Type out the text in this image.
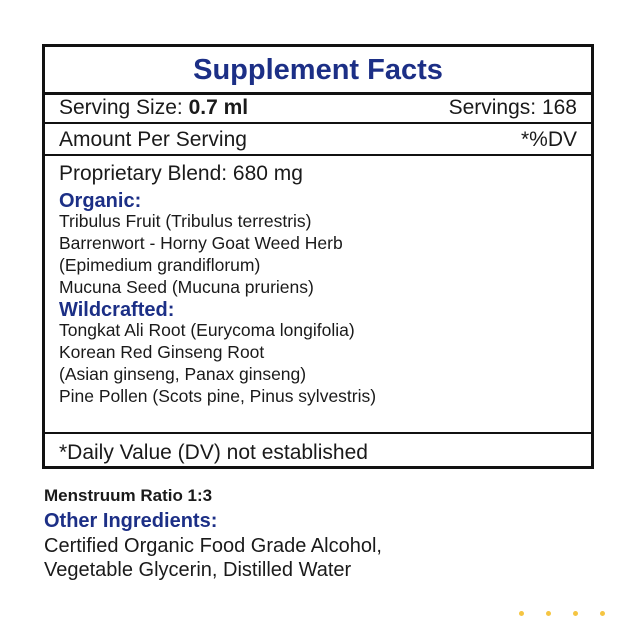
Supplement Facts
Serving Size: 0.7 ml	Servings: 168
Amount Per Serving	*%DV
Proprietary Blend: 680 mg
Organic:
Tribulus Fruit (Tribulus terrestris)
Barrenwort - Horny Goat Weed Herb
(Epimedium grandiflorum)
Mucuna Seed (Mucuna pruriens)
Wildcrafted:
Tongkat Ali Root (Eurycoma longifolia)
Korean Red Ginseng Root
(Asian ginseng, Panax ginseng)
Pine Pollen (Scots pine, Pinus sylvestris)
*Daily Value (DV) not established
Menstruum Ratio 1:3
Other Ingredients:
Certified Organic Food Grade Alcohol,
Vegetable Glycerin, Distilled Water
